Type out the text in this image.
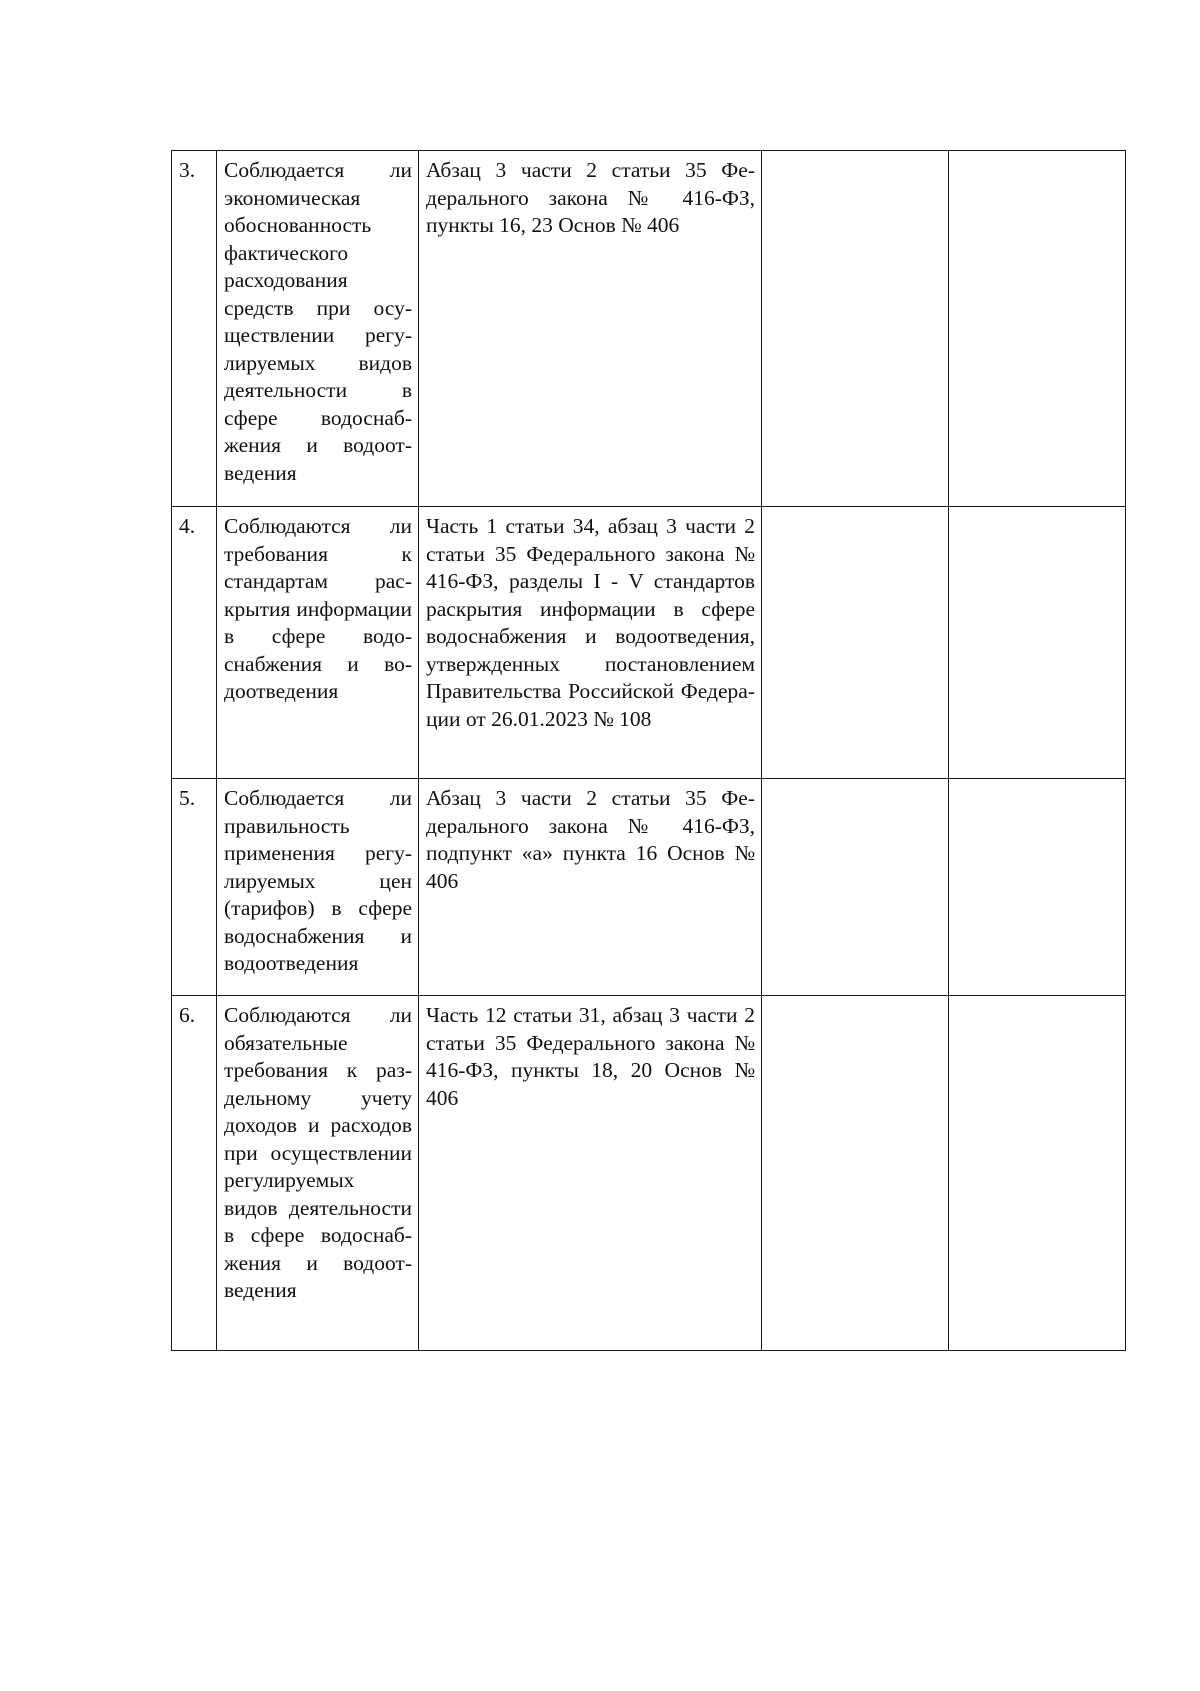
3.	Соблюдается ли экономическая обоснованность фактического расходования средств при осуществлении регулируемых видов деятельности в сфере водоснабжения и водоотведения	Абзац 3 части 2 статьи 35 Федерального закона № 416-ФЗ, пункты 16, 23 Основ № 406		
4.	Соблюдаются ли требования к стандартам раскрытия информации в сфере водоснабжения и водоотведения	Часть 1 статьи 34, абзац 3 части 2 статьи 35 Федерального закона № 416-ФЗ, разделы I - V стандартов раскрытия информации в сфере водоснабжения и водоотведения, утвержденных постановлением Правительства Российской Федерации от 26.01.2023 № 108		
5.	Соблюдается ли правильность применения регулируемых цен (тарифов) в сфере водоснабжения и водоотведения	Абзац 3 части 2 статьи 35 Федерального закона № 416-ФЗ, подпункт «а» пункта 16 Основ № 406		
6.	Соблюдаются ли обязательные требования к раздельному учету доходов и расходов при осуществлении регулируемых видов деятельности в сфере водоснабжения и водоотведения	Часть 12 статьи 31, абзац 3 части 2 статьи 35 Федерального закона № 416-ФЗ, пункты 18, 20 Основ № 406		
